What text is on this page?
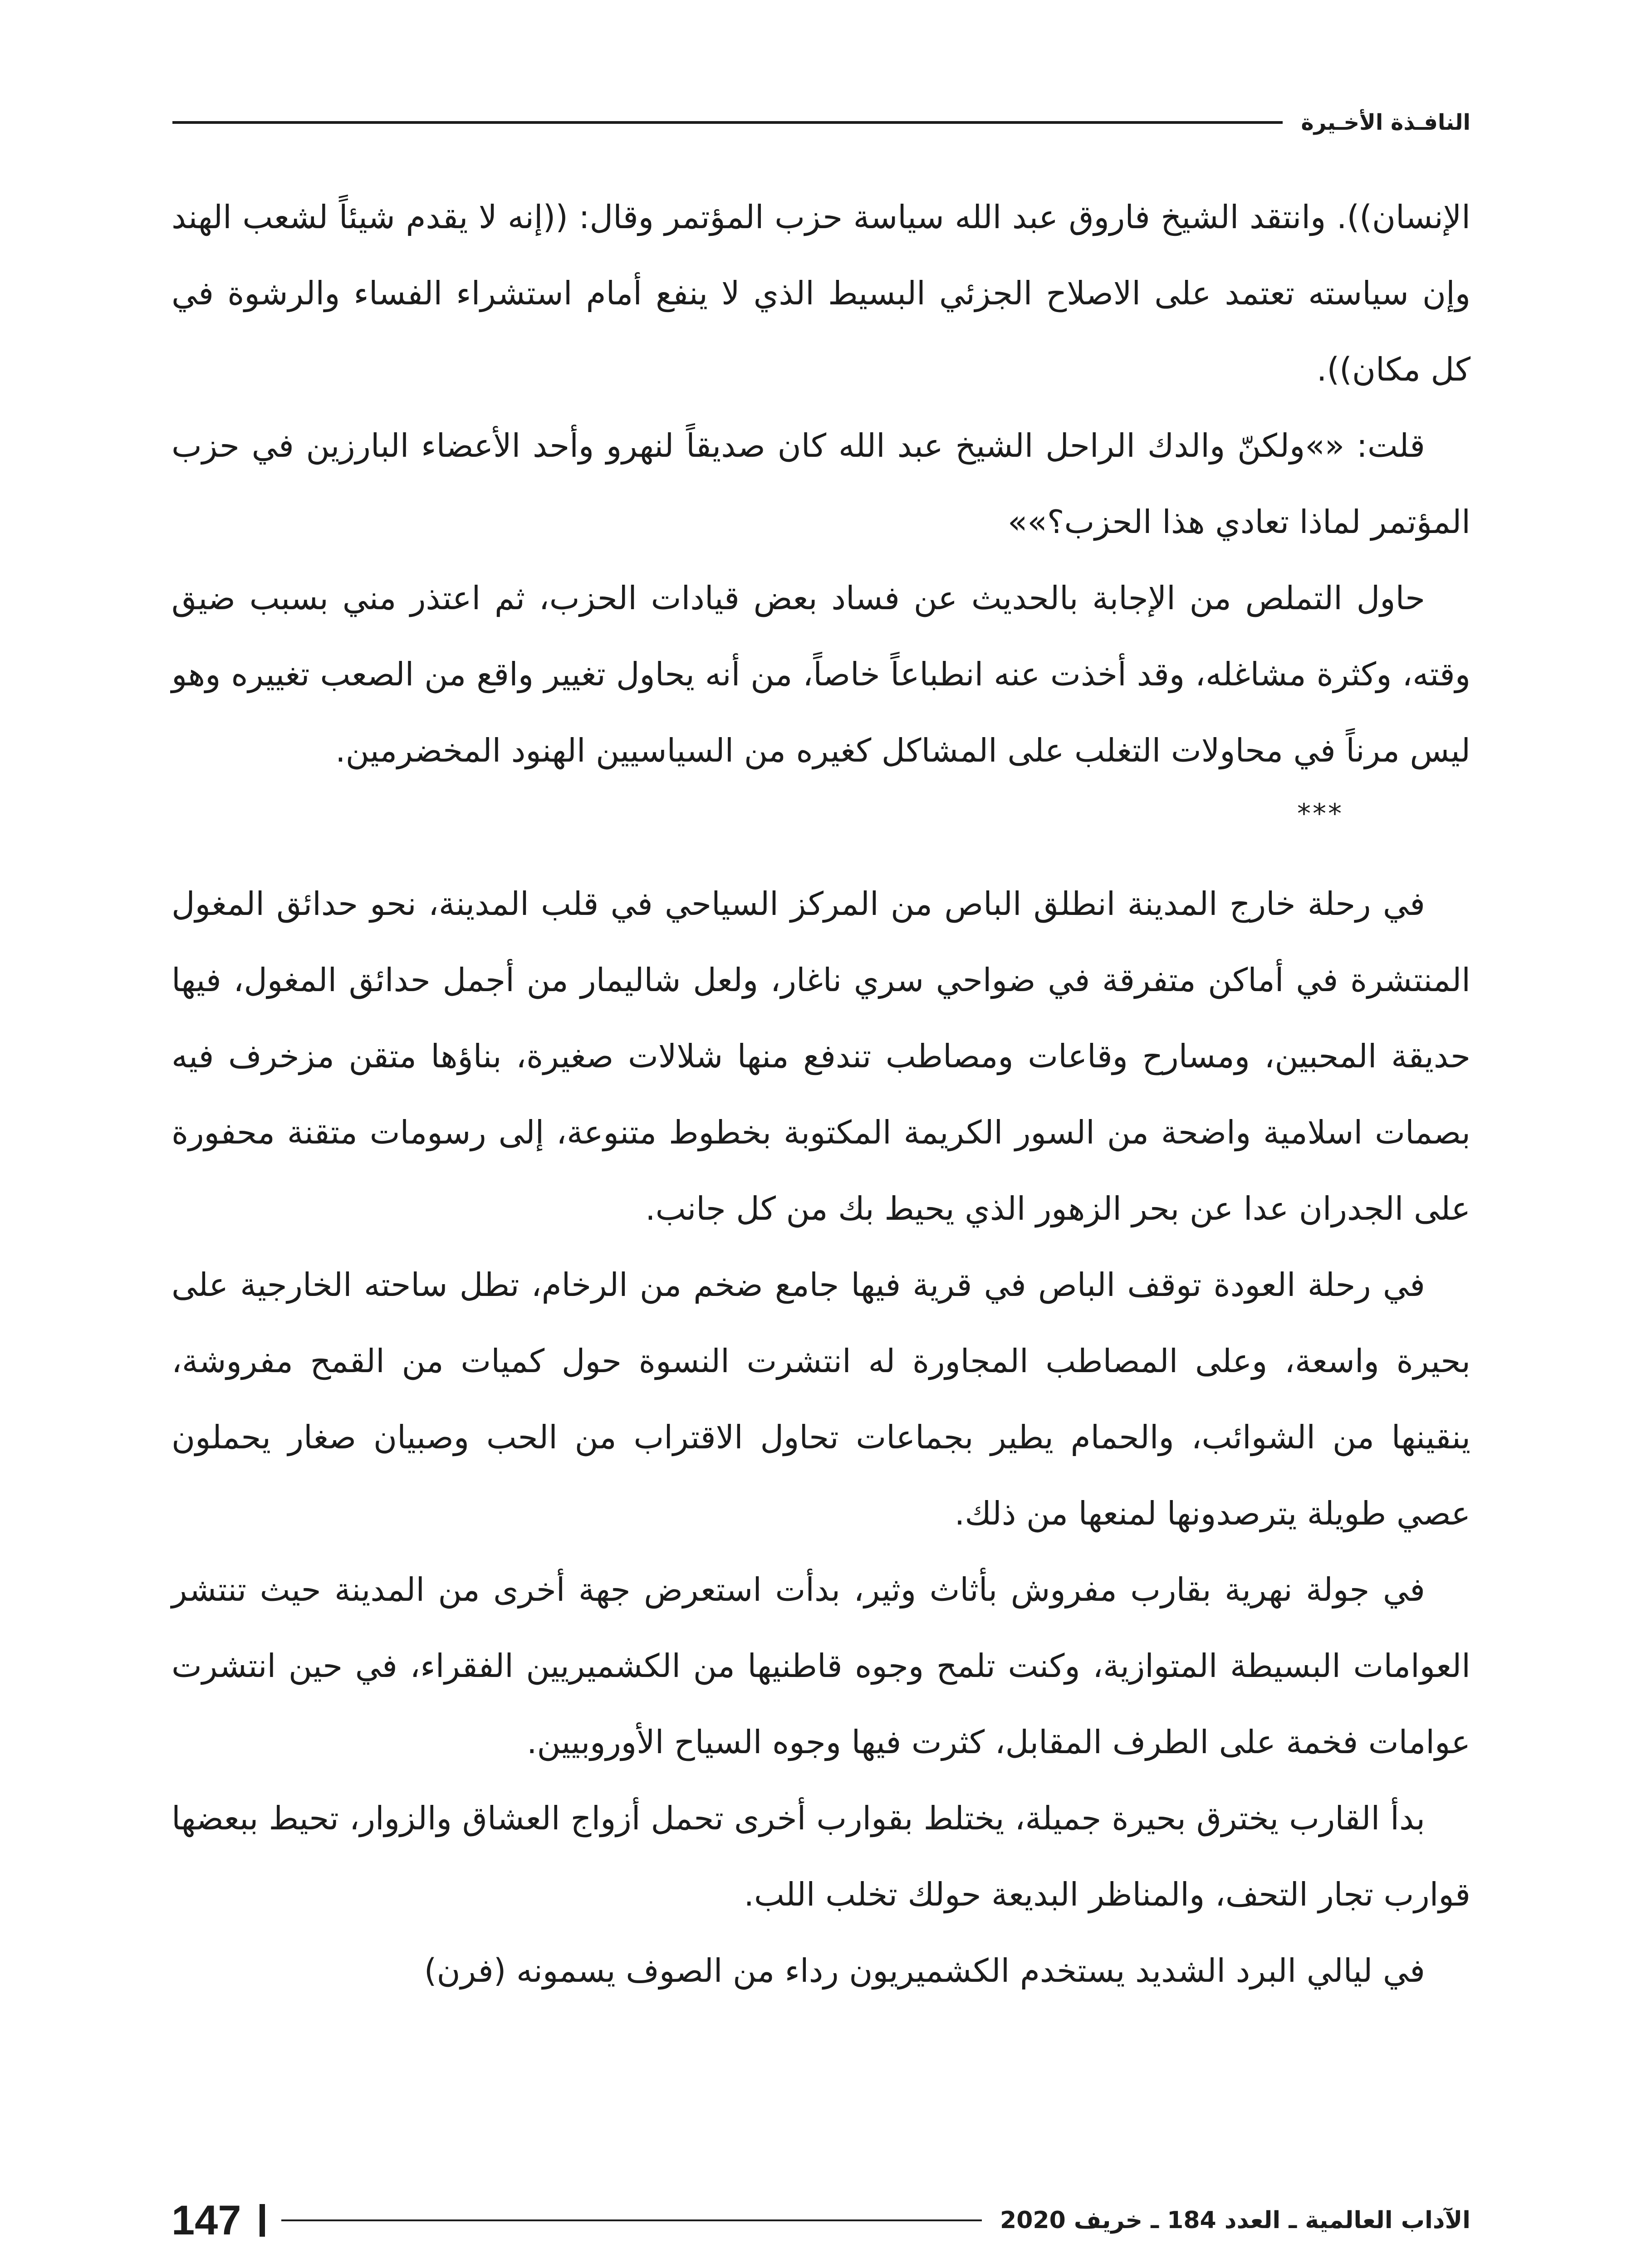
النافـذة الأخـيرة

الإنسان)). وانتقد الشيخ فاروق عبد الله سياسة حزب المؤتمر وقال: ((إنه لا يقدم شيئاً لشعب الهند وإن سياسته تعتمد على الاصلاح الجزئي البسيط الذي لا ينفع أمام استشراء الفساء والرشوة في كل مكان)).

قلت: «»ولكنّ والدك الراحل الشيخ عبد الله كان صديقاً لنهرو وأحد الأعضاء البارزين في حزب المؤتمر لماذا تعادي هذا الحزب؟»»

حاول التملص من الإجابة بالحديث عن فساد بعض قيادات الحزب، ثم اعتذر مني بسبب ضيق وقته، وكثرة مشاغله، وقد أخذت عنه انطباعاً خاصاً، من أنه يحاول تغيير واقع من الصعب تغييره وهو ليس مرناً في محاولات التغلب على المشاكل كغيره من السياسيين الهنود المخضرمين.

***

في رحلة خارج المدينة انطلق الباص من المركز السياحي في قلب المدينة، نحو حدائق المغول المنتشرة في أماكن متفرقة في ضواحي سري ناغار، ولعل شاليمار من أجمل حدائق المغول، فيها حديقة المحبين، ومسارح وقاعات ومصاطب تندفع منها شلالات صغيرة، بناؤها متقن مزخرف فيه بصمات اسلامية واضحة من السور الكريمة المكتوبة بخطوط متنوعة، إلى رسومات متقنة محفورة على الجدران عدا عن بحر الزهور الذي يحيط بك من كل جانب.

في رحلة العودة توقف الباص في قرية فيها جامع ضخم من الرخام، تطل ساحته الخارجية على بحيرة واسعة، وعلى المصاطب المجاورة له انتشرت النسوة حول كميات من القمح مفروشة، ينقينها من الشوائب، والحمام يطير بجماعات تحاول الاقتراب من الحب وصبيان صغار يحملون عصي طويلة يترصدونها لمنعها من ذلك.

في جولة نهرية بقارب مفروش بأثاث وثير، بدأت استعرض جهة أخرى من المدينة حيث تنتشر العوامات البسيطة المتوازية، وكنت تلمح وجوه قاطنيها من الكشميريين الفقراء، في حين انتشرت عوامات فخمة على الطرف المقابل، كثرت فيها وجوه السياح الأوروبيين.

بدأ القارب يخترق بحيرة جميلة، يختلط بقوارب أخرى تحمل أزواج العشاق والزوار، تحيط ببعضها قوارب تجار التحف، والمناظر البديعة حولك تخلب اللب.

في ليالي البرد الشديد يستخدم الكشميريون رداء من الصوف يسمونه (فرن)

الآداب العالمية ـ العدد 184 ـ خريف 2020
147
